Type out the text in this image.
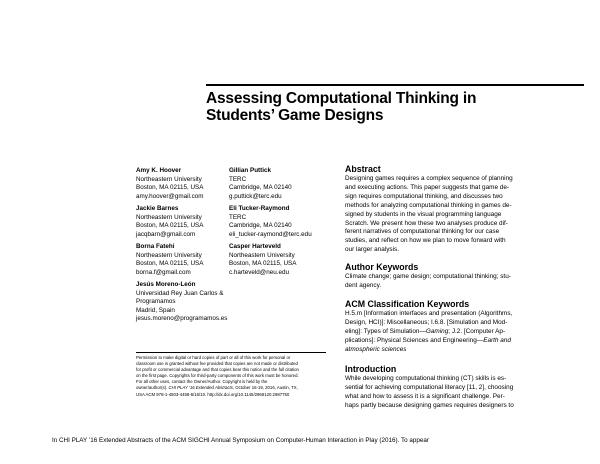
Assessing Computational Thinking in
Students’ Game Designs
Amy K. Hoover
Northeastern University
Boston, MA 02115, USA
amy.hoover@gmail.com
Jackie Barnes
Northeastern University
Boston, MA 02115, USA
jacqbarn@gmail.com
Borna Fatehi
Northeastern University
Boston, MA 02115, USA
borna.f@gmail.com
Jesús Moreno-León
Universidad Rey Juan Carlos &
Programamos
Madrid, Spain
jesus.moreno@programamos.es
Gillian Puttick
TERC
Cambridge, MA 02140
g.puttick@terc.edu
Eli Tucker-Raymond
TERC
Cambridge, MA 02140
eli_tucker-raymond@terc.edu
Casper Harteveld
Northeastern University
Boston, MA 02115, USA
c.harteveld@neu.edu
Abstract
Designing games requires a complex sequence of planning
and executing actions. This paper suggests that game de-
sign requires computational thinking, and discusses two
methods for analyzing computational thinking in games de-
signed by students in the visual programming language
Scratch. We present how these two analyses produce dif-
ferent narratives of computational thinking for our case
studies, and reflect on how we plan to move forward with
our larger analysis.
Author Keywords
Climate change; game design; computational thinking; stu-
dent agency.
ACM Classification Keywords
H.5.m [Information interfaces and presentation (Algorithms,
Design, HCI)]: Miscellaneous; I.6.8. [Simulation and Mod-
eling]: Types of Simulation—Gaming; J.2. [Computer Ap-
plications]: Physical Sciences and Engineering—Earth and
atmospheric sciences
Introduction
While developing computational thinking (CT) skills is es-
sential for achieving computational literacy [11, 2], choosing
what and how to assess it is a significant challenge. Per-
haps partly because designing games requires designers to
Permission to make digital or hard copies of part or all of this work for personal or
classroom use is granted without fee provided that copies are not made or distributed
for profit or commercial advantage and that copies bear this notice and the full citation
on the first page. Copyrights for third-party components of this work must be honored.
For all other uses, contact the Owner/Author. Copyright is held by the
owner/author(s). CHI PLAY ’16 Extended Abstracts, October 16-19, 2016, Austin, TX,
USA ACM 978-1-4503-4458-6/16/10. http://dx.doi.org/10.1145/2968120.2987750
In CHI PLAY ’16 Extended Abstracts of the ACM SIGCHI Annual Symposium on Computer-Human Interaction in Play (2016). To appear
